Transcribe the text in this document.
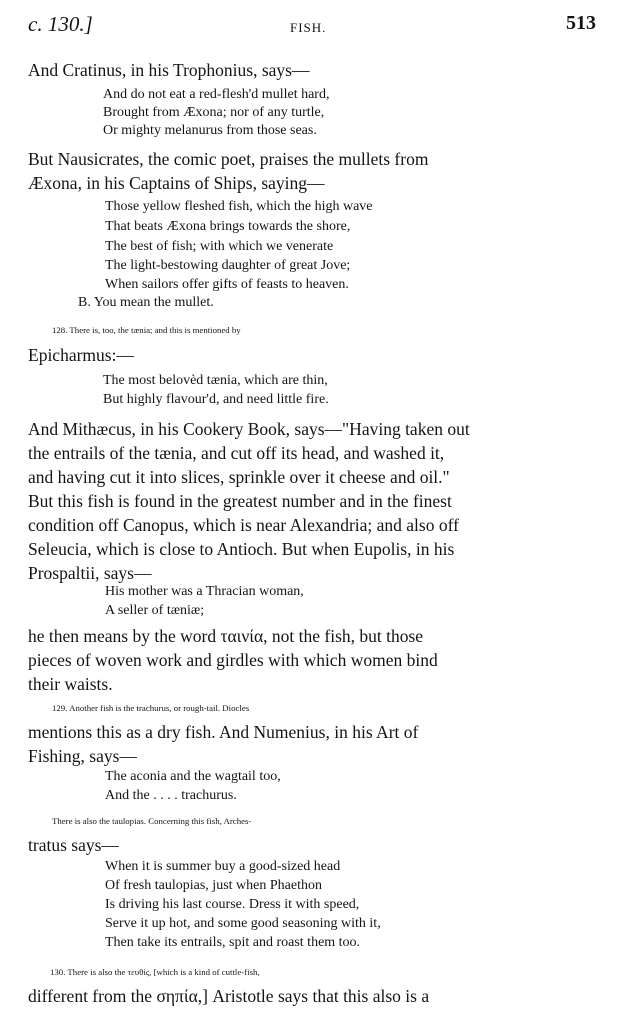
c. 130.]	FISH.	513
And Cratinus, in his Trophonius, says—
And do not eat a red-flesh'd mullet hard,
Brought from Æxona; nor of any turtle,
Or mighty melanurus from those seas.
But Nausicrates, the comic poet, praises the mullets from
Æxona, in his Captains of Ships, saying—
Those yellow fleshed fish, which the high wave
That beats Æxona brings towards the shore,
The best of fish; with which we venerate
The light-bestowing daughter of great Jove;
When sailors offer gifts of feasts to heaven.
B. You mean the mullet.
128. There is, too, the tænia; and this is mentioned by
Epicharmus:—
The most belovèd tænia, which are thin,
But highly flavour'd, and need little fire.
And Mithæcus, in his Cookery Book, says—"Having taken out
the entrails of the tænia, and cut off its head, and washed it,
and having cut it into slices, sprinkle over it cheese and oil."
But this fish is found in the greatest number and in the finest
condition off Canopus, which is near Alexandria; and also off
Seleucia, which is close to Antioch. But when Eupolis, in his
Prospaltii, says—
His mother was a Thracian woman,
A seller of tæniæ;
he then means by the word ταινία, not the fish, but those
pieces of woven work and girdles with which women bind
their waists.
129. Another fish is the trachurus, or rough-tail. Diocles
mentions this as a dry fish. And Numenius, in his Art of
Fishing, says—
The aconia and the wagtail too,
And the . . . . trachurus.
There is also the taulopias. Concerning this fish, Arches-
tratus says—
When it is summer buy a good-sized head
Of fresh taulopias, just when Phaethon
Is driving his last course. Dress it with speed,
Serve it up hot, and some good seasoning with it,
Then take its entrails, spit and roast them too.
130. There is also the τευθίς, [which is a kind of cuttle-fish,
different from the σηπία,] Aristotle says that this also is a
